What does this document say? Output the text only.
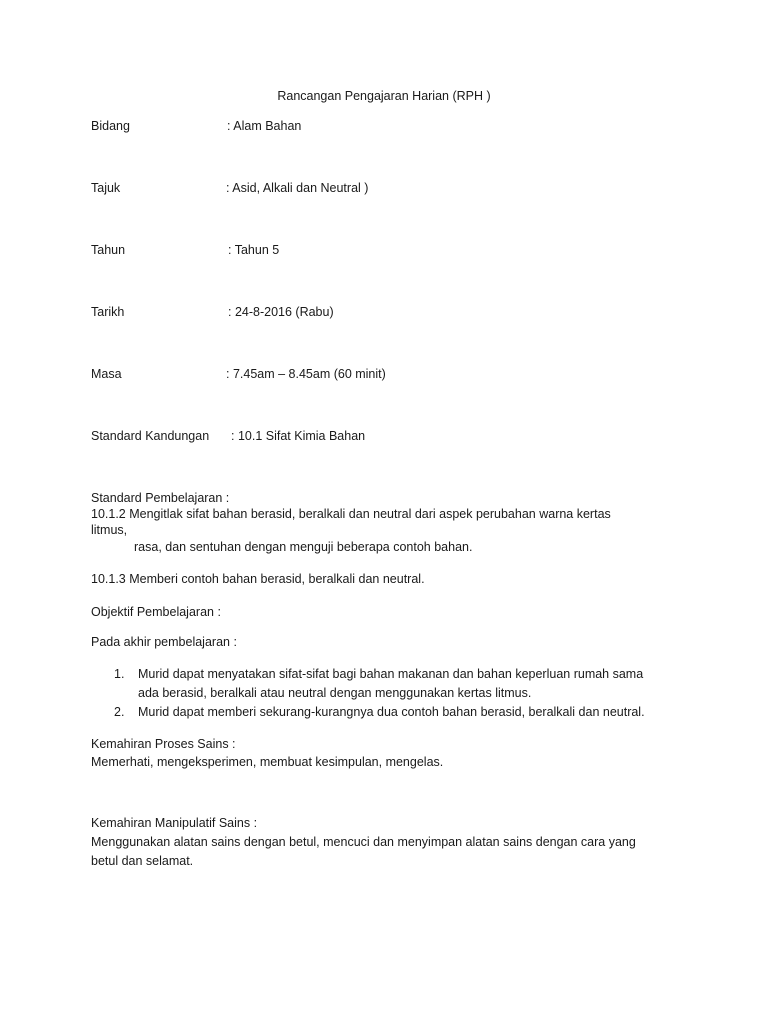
Rancangan Pengajaran Harian (RPH )
Bidang	: Alam Bahan
Tajuk	: Asid, Alkali dan Neutral )
Tahun	: Tahun 5
Tarikh	: 24-8-2016 (Rabu)
Masa	: 7.45am – 8.45am (60 minit)
Standard Kandungan : 10.1 Sifat Kimia Bahan
Standard Pembelajaran :
10.1.2 Mengitlak sifat bahan berasid, beralkali dan neutral dari aspek perubahan warna kertas
litmus,
rasa, dan sentuhan dengan menguji beberapa contoh bahan.
10.1.3 Memberi contoh bahan berasid, beralkali dan neutral.
Objektif Pembelajaran :
Pada akhir pembelajaran :
1. Murid dapat menyatakan sifat-sifat bagi bahan makanan dan bahan keperluan rumah sama
ada berasid, beralkali atau neutral dengan menggunakan kertas litmus.
2. Murid dapat memberi sekurang-kurangnya dua contoh bahan berasid, beralkali dan neutral.
Kemahiran Proses Sains :
Memerhati, mengeksperimen, membuat kesimpulan, mengelas.
Kemahiran Manipulatif Sains :
Menggunakan alatan sains dengan betul, mencuci dan menyimpan alatan sains dengan cara yang
betul dan selamat.
